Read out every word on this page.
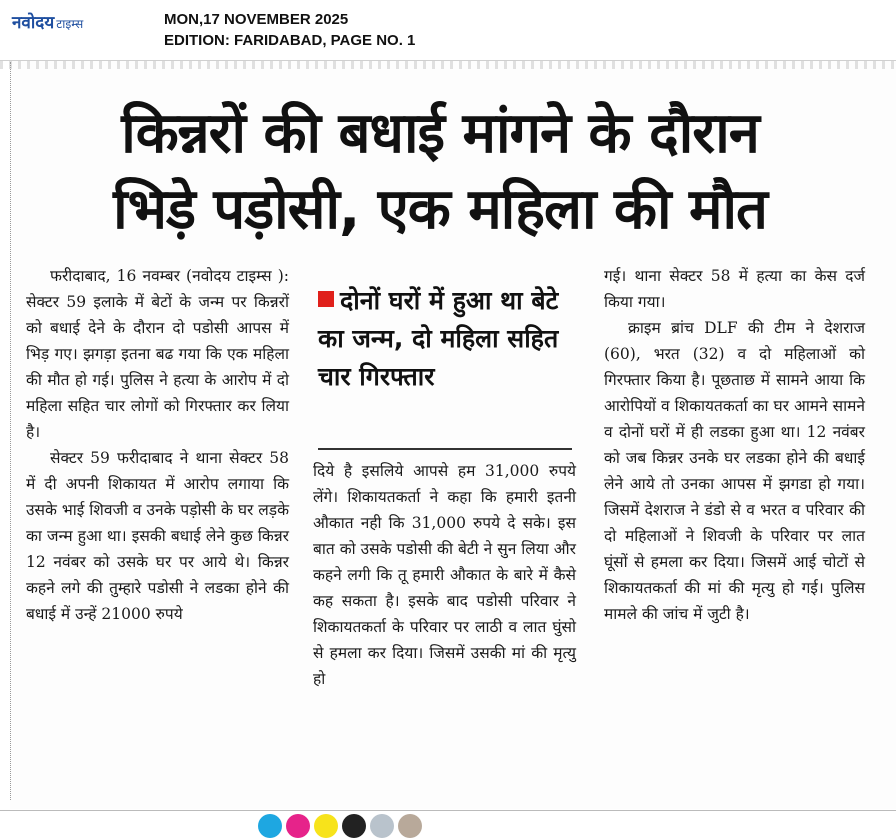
नवोदय टाइम्स	MON,17 NOVEMBER 2025
EDITION: FARIDABAD, PAGE NO. 1
किन्नरों की बधाई मांगने के दौरान
भिड़े पड़ोसी, एक महिला की मौत

फरीदाबाद, 16 नवम्बर (नवोदय टाइम्स ): सेक्टर 59 इलाके में बेटों के जन्म पर किन्नरों को बधाई देने के दौरान दो पडोसी आपस में भिड़ गए। झगड़ा इतना बढ गया कि एक महिला की मौत हो गई। पुलिस ने हत्या के आरोप में दो महिला सहित चार लोगों को गिरफ्तार कर लिया है।

सेक्टर 59 फरीदाबाद ने थाना सेक्टर 58 में दी अपनी शिकायत में आरोप लगाया कि उसके भाई शिवजी व उनके पड़ोसी के घर लड़के का जन्म हुआ था। इसकी बधाई लेने कुछ किन्नर 12 नवंबर को उसके घर पर आये थे। किन्नर कहने लगे की तुम्हारे पडोसी ने लडका होने की बधाई में उन्हें 21000 रुपये

दोनों घरों में हुआ था बेटे का जन्म, दो महिला सहित चार गिरफ्तार

दिये है इसलिये आपसे हम 31,000 रुपये लेंगे। शिकायतकर्ता ने कहा कि हमारी इतनी औकात नही कि 31,000 रुपये दे सके। इस बात को उसके पडोसी की बेटी ने सुन लिया और कहने लगी कि तू हमारी औकात के बारे में कैसे कह सकता है। इसके बाद पडोसी परिवार ने शिकायतकर्ता के परिवार पर लाठी व लात घुंसो से हमला कर दिया। जिसमें उसकी मां की मृत्यु हो

गई। थाना सेक्टर 58 में हत्या का केस दर्ज किया गया।

क्राइम ब्रांच DLF की टीम ने देशराज (60), भरत (32) व दो महिलाओं को गिरफ्तार किया है। पूछताछ में सामने आया कि आरोपियों व शिकायतकर्ता का घर आमने सामने व दोनों घरों में ही लडका हुआ था। 12 नवंबर को जब किन्नर उनके घर लडका होने की बधाई लेने आये तो उनका आपस में झगडा हो गया। जिसमें देशराज ने डंडो से व भरत व परिवार की दो महिलाओं ने शिवजी के परिवार पर लात घूंसों से हमला कर दिया। जिसमें आई चोटों से शिकायतकर्ता की मां की मृत्यु हो गई। पुलिस मामले की जांच में जुटी है।
